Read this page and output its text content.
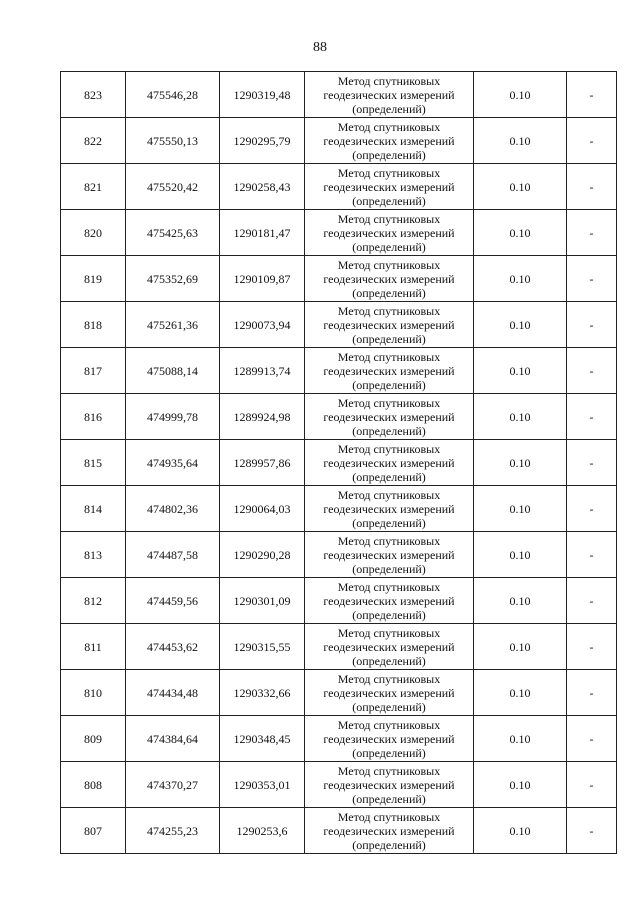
88
823	475546,28	1290319,48	Метод спутниковых геодезических измерений (определений)	0.10	-
822	475550,13	1290295,79	Метод спутниковых геодезических измерений (определений)	0.10	-
821	475520,42	1290258,43	Метод спутниковых геодезических измерений (определений)	0.10	-
820	475425,63	1290181,47	Метод спутниковых геодезических измерений (определений)	0.10	-
819	475352,69	1290109,87	Метод спутниковых геодезических измерений (определений)	0.10	-
818	475261,36	1290073,94	Метод спутниковых геодезических измерений (определений)	0.10	-
817	475088,14	1289913,74	Метод спутниковых геодезических измерений (определений)	0.10	-
816	474999,78	1289924,98	Метод спутниковых геодезических измерений (определений)	0.10	-
815	474935,64	1289957,86	Метод спутниковых геодезических измерений (определений)	0.10	-
814	474802,36	1290064,03	Метод спутниковых геодезических измерений (определений)	0.10	-
813	474487,58	1290290,28	Метод спутниковых геодезических измерений (определений)	0.10	-
812	474459,56	1290301,09	Метод спутниковых геодезических измерений (определений)	0.10	-
811	474453,62	1290315,55	Метод спутниковых геодезических измерений (определений)	0.10	-
810	474434,48	1290332,66	Метод спутниковых геодезических измерений (определений)	0.10	-
809	474384,64	1290348,45	Метод спутниковых геодезических измерений (определений)	0.10	-
808	474370,27	1290353,01	Метод спутниковых геодезических измерений (определений)	0.10	-
807	474255,23	1290253,6	Метод спутниковых геодезических измерений (определений)	0.10	-
